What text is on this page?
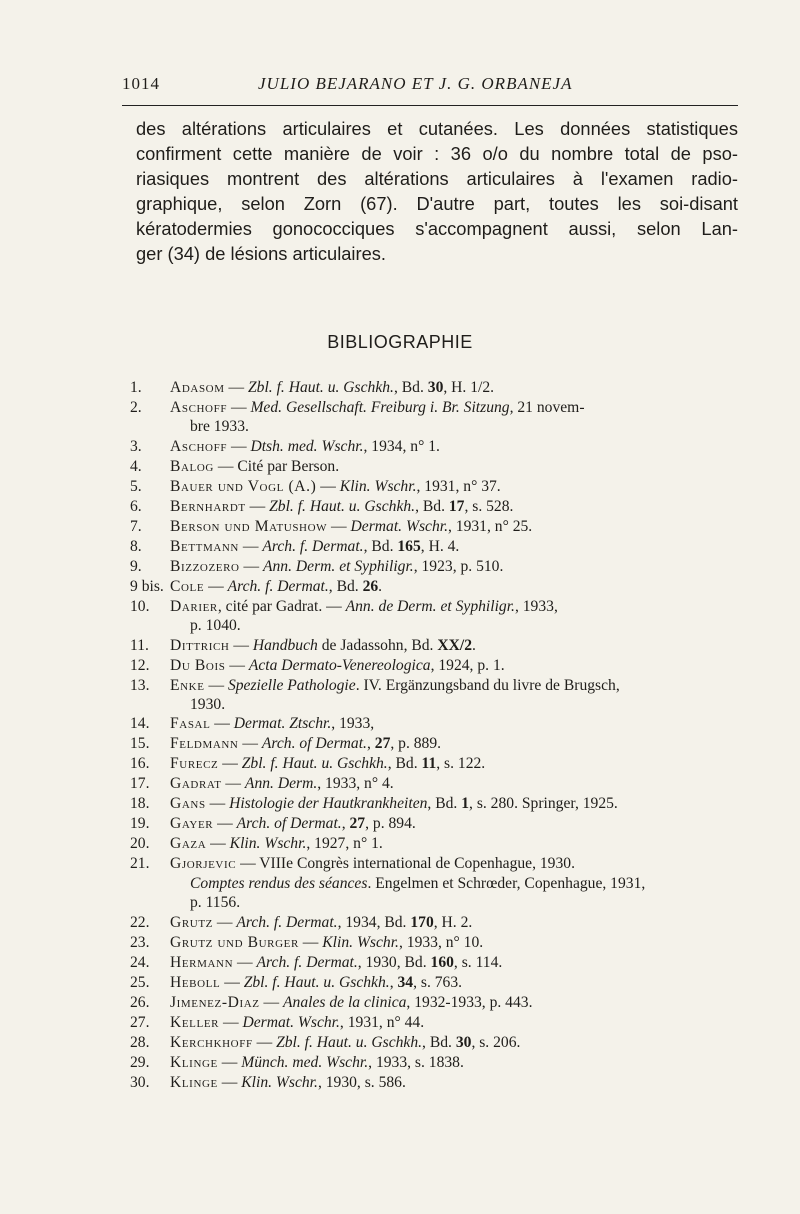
1014	JULIO BEJARANO ET J. G. ORBANEJA
des altérations articulaires et cutanées. Les données statistiques
confirment cette manière de voir : 36 o/o du nombre total de pso-
riasiques montrent des altérations articulaires à l'examen radio-
graphique, selon Zorn (67). D'autre part, toutes les soi-disant
kératodermies gonococciques s'accompagnent aussi, selon Lan-
ger (34) de lésions articulaires.
BIBLIOGRAPHIE
1. Adasom — Zbl. f. Haut. u. Gschkh., Bd. 30, H. 1/2.
2. Aschoff — Med. Gesellschaft. Freiburg i. Br. Sitzung, 21 novem-
bre 1933.
3. Aschoff — Dtsh. med. Wschr., 1934, n° 1.
4. Balog — Cité par Berson.
5. Bauer und Vogl (A.) — Klin. Wschr., 1931, n° 37.
6. Bernhardt — Zbl. f. Haut. u. Gschkh., Bd. 17, s. 528.
7. Berson und Matushow — Dermat. Wschr., 1931, n° 25.
8. Bettmann — Arch. f. Dermat., Bd. 165, H. 4.
9. Bizzozero — Ann. Derm. et Syphiligr., 1923, p. 510.
9 bis. Cole — Arch. f. Dermat., Bd. 26.
10. Darier, cité par Gadrat. — Ann. de Derm. et Syphiligr., 1933,
p. 1040.
11. Dittrich — Handbuch de Jadassohn, Bd. XX/2.
12. Du Bois — Acta Dermato-Venereologica, 1924, p. 1.
13. Enke — Spezielle Pathologie. IV. Ergänzungsband du livre de Brugsch,
1930.
14. Fasal — Dermat. Ztschr., 1933,
15. Feldmann — Arch. of Dermat., 27, p. 889.
16. Furecz — Zbl. f. Haut. u. Gschkh., Bd. 11, s. 122.
17. Gadrat — Ann. Derm., 1933, n° 4.
18. Gans — Histologie der Hautkrankheiten, Bd. 1, s. 280. Springer, 1925.
19. Gayer — Arch. of Dermat., 27, p. 894.
20. Gaza — Klin. Wschr., 1927, n° 1.
21. Gjorjevic — VIIIe Congrès international de Copenhague, 1930.
Comptes rendus des séances. Engelmen et Schrœder, Copenhague, 1931,
p. 1156.
22. Grutz — Arch. f. Dermat., 1934, Bd. 170, H. 2.
23. Grutz und Burger — Klin. Wschr., 1933, n° 10.
24. Hermann — Arch. f. Dermat., 1930, Bd. 160, s. 114.
25. Heboll — Zbl. f. Haut. u. Gschkh., 34, s. 763.
26. Jimenez-Diaz — Anales de la clinica, 1932-1933, p. 443.
27. Keller — Dermat. Wschr., 1931, n° 44.
28. Kerchkhoff — Zbl. f. Haut. u. Gschkh., Bd. 30, s. 206.
29. Klinge — Münch. med. Wschr., 1933, s. 1838.
30. Klinge — Klin. Wschr., 1930, s. 586.
